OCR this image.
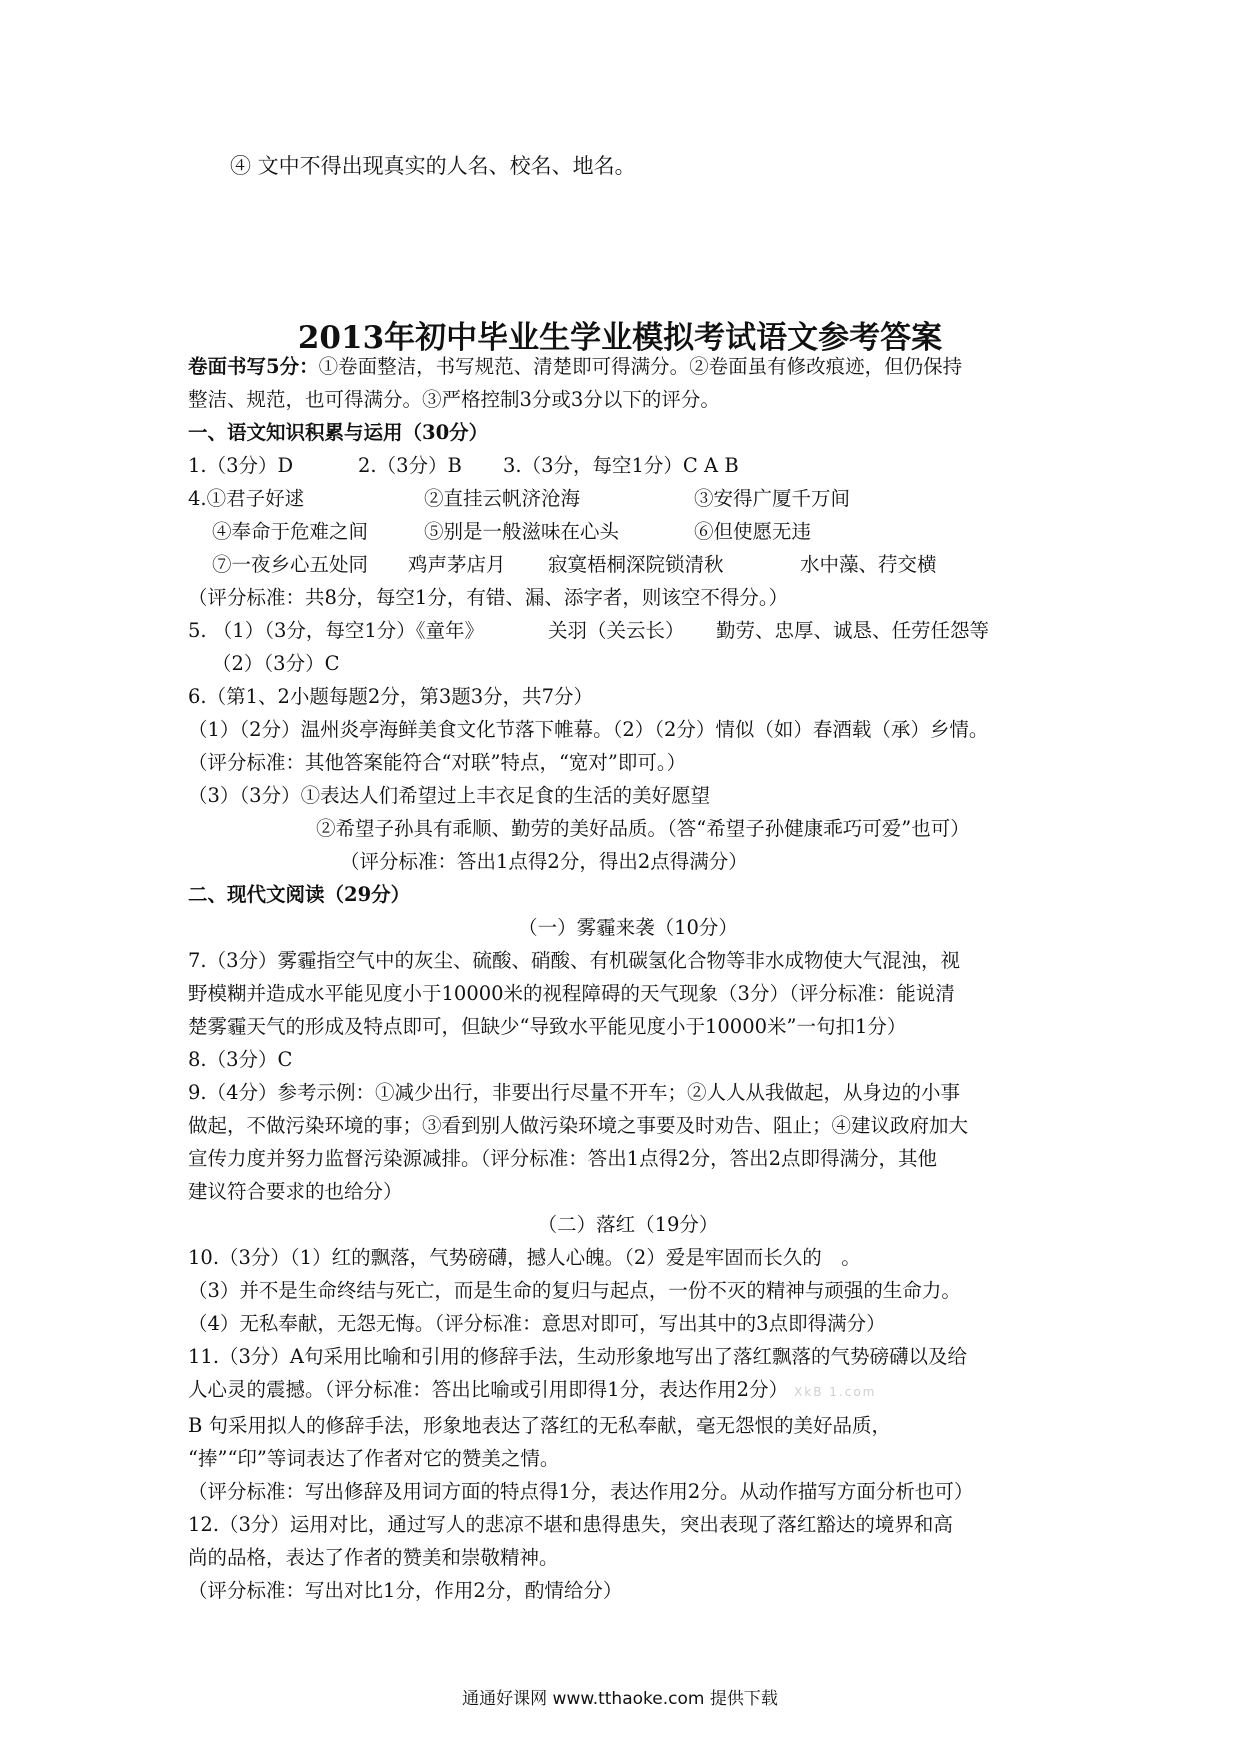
④ 文中不得出现真实的人名、校名、地名。
2013年初中毕业生学业模拟考试语文参考答案
卷面书写5分：①卷面整洁，书写规范、清楚即可得满分。②卷面虽有修改痕迹，但仍保持
整洁、规范，也可得满分。③严格控制3分或3分以下的评分。
一、语文知识积累与运用（30分）
1.（3分）D	2.（3分）B 3.（3分，每空1分）C A B
4.①君子好逑	②直挂云帆济沧海	③安得广厦千万间
④奉命于危难之间	⑤别是一般滋味在心头	⑥但使愿无违
⑦一夜乡心五处同 鸡声茅店月 寂寞梧桐深院锁清秋	水中藻、荇交横
（评分标准：共8分，每空1分，有错、漏、添字者，则该空不得分。）
5. （1）（3分，每空1分）《童年》	关羽（关云长） 勤劳、忠厚、诚恳、任劳任怨等
（2）（3分）C
6.（第1、2小题每题2分，第3题3分，共7分）
（1）（2分）温州炎亭海鲜美食文化节落下帷幕。（2）（2分）情似（如）春酒载（承）乡情。
（评分标准：其他答案能符合“对联”特点，“宽对”即可。）
（3）（3分）①表达人们希望过上丰衣足食的生活的美好愿望
②希望子孙具有乖顺、勤劳的美好品质。（答“希望子孙健康乖巧可爱”也可）
（评分标准：答出1点得2分，得出2点得满分）
二、现代文阅读（29分）
（一）雾霾来袭（10分）
7.（3分）雾霾指空气中的灰尘、硫酸、硝酸、有机碳氢化合物等非水成物使大气混浊，视
野模糊并造成水平能见度小于10000米的视程障碍的天气现象（3分）（评分标准：能说清
楚雾霾天气的形成及特点即可，但缺少“导致水平能见度小于10000米”一句扣1分）
8.（3分）C
9.（4分）参考示例：①减少出行，非要出行尽量不开车；②人人从我做起，从身边的小事
做起，不做污染环境的事；③看到别人做污染环境之事要及时劝告、阻止；④建议政府加大
宣传力度并努力监督污染源减排。（评分标准：答出1点得2分，答出2点即得满分，其他
建议符合要求的也给分）
（二）落红（19分）
10.（3分）（1）红的飘落，气势磅礴，撼人心魄。（2）爱是牢固而长久的　。
（3）并不是生命终结与死亡，而是生命的复归与起点，一份不灭的精神与顽强的生命力。
（4）无私奉献，无怨无悔。（评分标准：意思对即可，写出其中的3点即得满分）
11.（3分）A句采用比喻和引用的修辞手法，生动形象地写出了落红飘落的气势磅礴以及给
人心灵的震撼。（评分标准：答出比喻或引用即得1分，表达作用2分） XkB 1.com
B 句采用拟人的修辞手法，形象地表达了落红的无私奉献，毫无怨恨的美好品质，
“捧”“印”等词表达了作者对它的赞美之情。
（评分标准：写出修辞及用词方面的特点得1分，表达作用2分。从动作描写方面分析也可）
12.（3分）运用对比，通过写人的悲凉不堪和患得患失，突出表现了落红豁达的境界和高
尚的品格，表达了作者的赞美和崇敬精神。
（评分标准：写出对比1分，作用2分，酌情给分）
通通好课网 www.tthaoke.com 提供下载
